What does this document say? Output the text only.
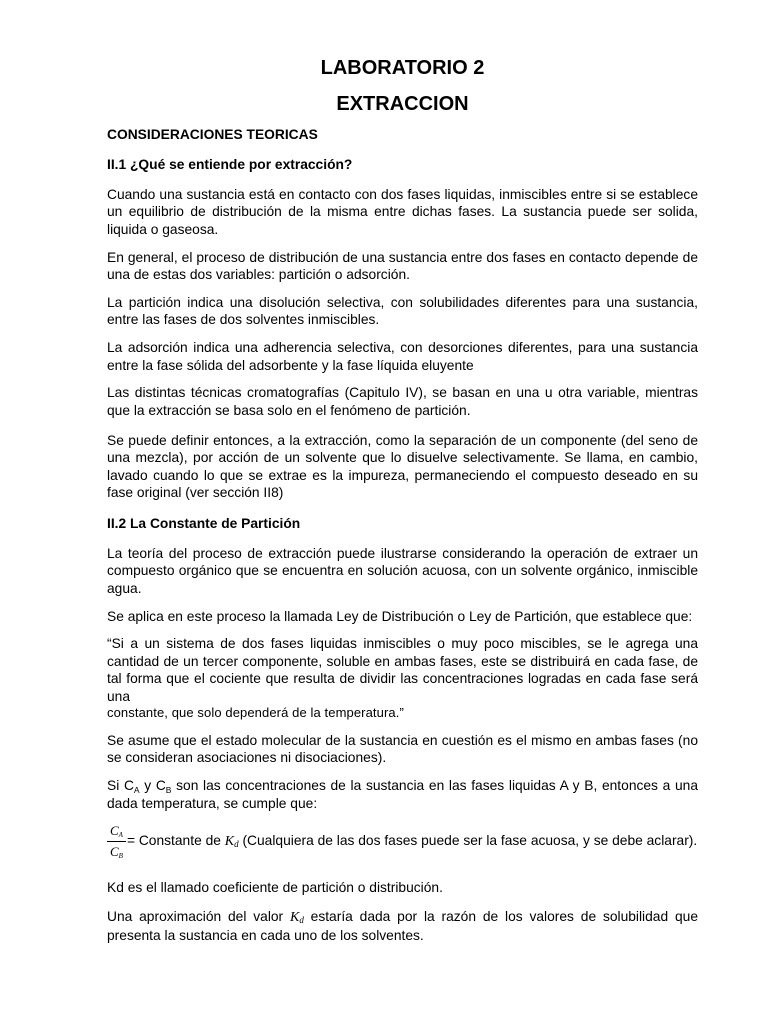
LABORATORIO 2
EXTRACCION
CONSIDERACIONES TEORICAS
II.1 ¿Qué se entiende por extracción?

Cuando una sustancia está en contacto con dos fases liquidas, inmiscibles entre si se establece un equilibrio de distribución de la misma entre dichas fases. La sustancia puede ser solida, liquida o gaseosa.

En general, el proceso de distribución de una sustancia entre dos fases en contacto depende de una de estas dos variables: partición o adsorción.

La partición indica una disolución selectiva, con solubilidades diferentes para una sustancia, entre las fases de dos solventes inmiscibles.

La adsorción indica una adherencia selectiva, con desorciones diferentes, para una sustancia entre la fase sólida del adsorbente y la fase líquida eluyente

Las distintas técnicas cromatografías (Capitulo IV), se basan en una u otra variable, mientras que la extracción se basa solo en el fenómeno de partición.

Se puede definir entonces, a la extracción, como la separación de un componente (del seno de una mezcla), por acción de un solvente que lo disuelve selectivamente. Se llama, en cambio, lavado cuando lo que se extrae es la impureza, permaneciendo el compuesto deseado en su fase original (ver sección II8)

II.2 La Constante de Partición

La teoría del proceso de extracción puede ilustrarse considerando la operación de extraer un compuesto orgánico que se encuentra en solución acuosa, con un solvente orgánico, inmiscible agua.

Se aplica en este proceso la llamada Ley de Distribución o Ley de Partición, que establece que:

“Si a un sistema de dos fases liquidas inmiscibles o muy poco miscibles, se le agrega una cantidad de un tercer componente, soluble en ambas fases, este se distribuirá en cada fase, de tal forma que el cociente que resulta de dividir las concentraciones logradas en cada fase será una
constante, que solo dependerá de la temperatura.”

Se asume que el estado molecular de la sustancia en cuestión es el mismo en ambas fases (no se consideran asociaciones ni disociaciones).

Si $C_A$ y $C_B$ son las concentraciones de la sustancia en las fases liquidas A y B, entonces a una dada temperatura, se cumple que:

$\frac{C_A}{C_B}$ = Constante de $K_d$ (Cualquiera de las dos fases puede ser la fase acuosa, y se debe aclarar).

Kd es el llamado coeficiente de partición o distribución.

Una aproximación del valor $K_d$ estaría dada por la razón de los valores de solubilidad que presenta la sustancia en cada uno de los solventes.
